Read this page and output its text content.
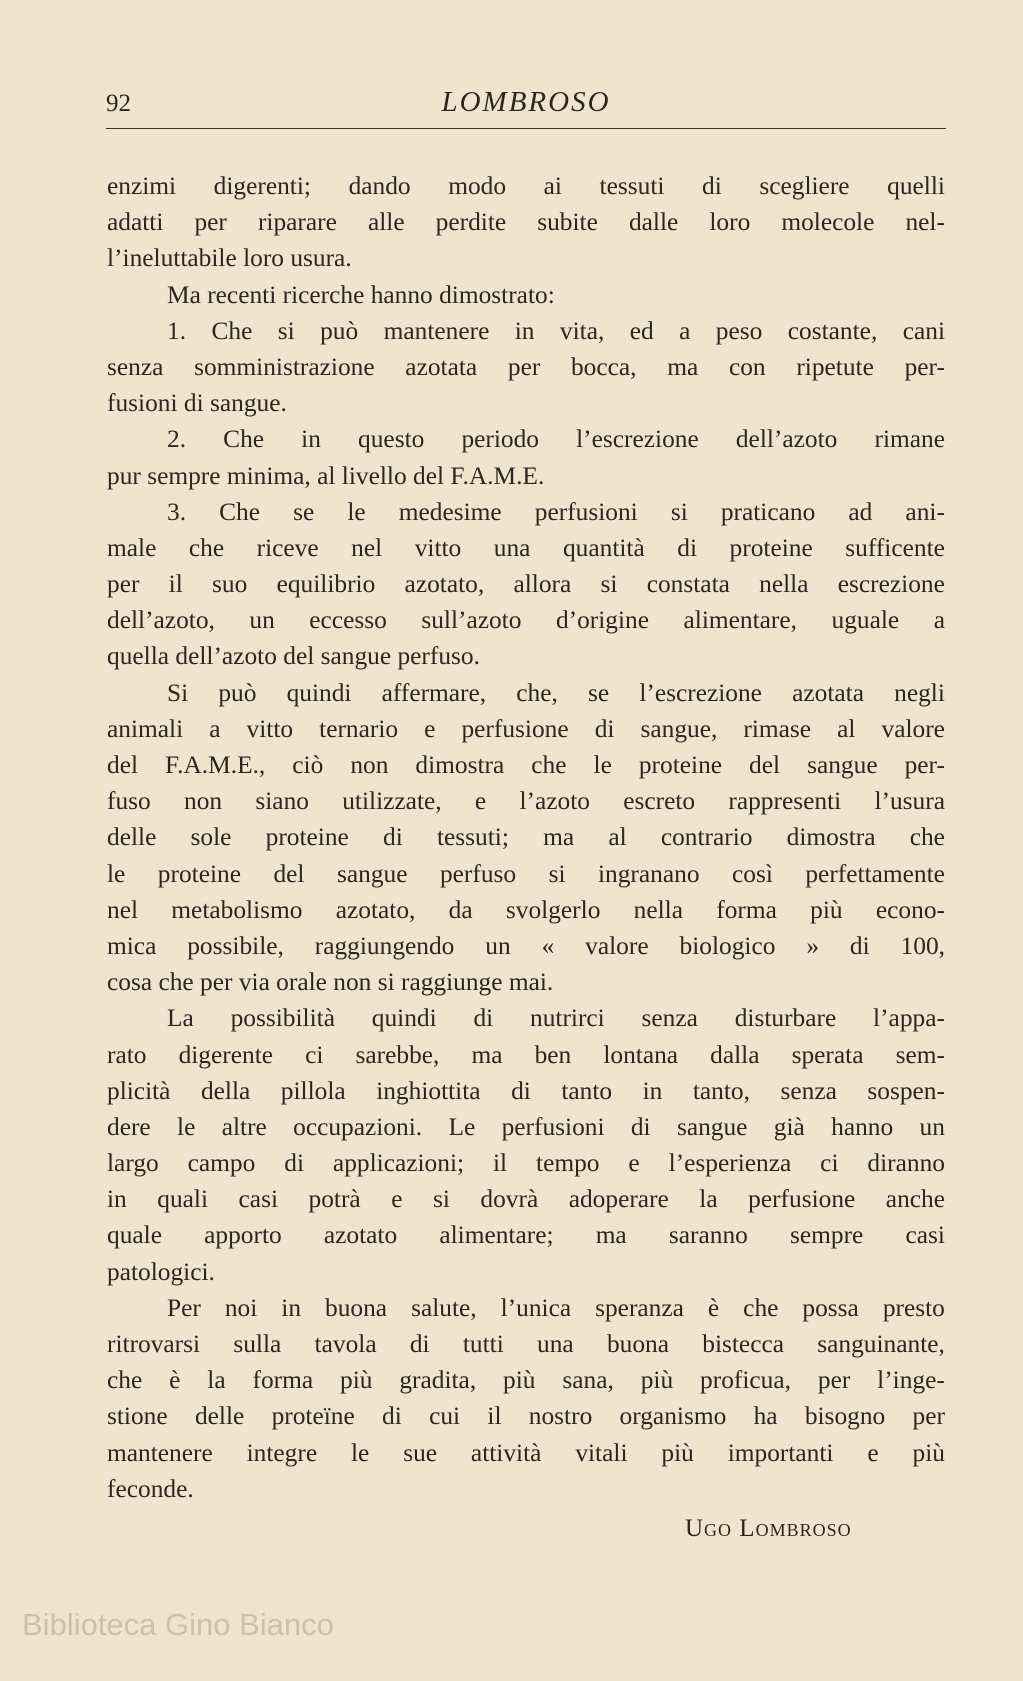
92	LOMBROSO
enzimi digerenti; dando modo ai tessuti di scegliere quelli
adatti per riparare alle perdite subite dalle loro molecole nel-
l’ineluttabile loro usura.
Ma recenti ricerche hanno dimostrato:
1. Che si può mantenere in vita, ed a peso costante, cani
senza somministrazione azotata per bocca, ma con ripetute per-
fusioni di sangue.
2. Che in questo periodo l’escrezione dell’azoto rimane
pur sempre minima, al livello del F.A.M.E.
3. Che se le medesime perfusioni si praticano ad ani-
male che riceve nel vitto una quantità di proteine sufficente
per il suo equilibrio azotato, allora si constata nella escrezione
dell’azoto, un eccesso sull’azoto d’origine alimentare, uguale a
quella dell’azoto del sangue perfuso.
Si può quindi affermare, che, se l’escrezione azotata negli
animali a vitto ternario e perfusione di sangue, rimase al valore
del F.A.M.E., ciò non dimostra che le proteine del sangue per-
fuso non siano utilizzate, e l’azoto escreto rappresenti l’usura
delle sole proteine di tessuti; ma al contrario dimostra che
le proteine del sangue perfuso si ingranano così perfettamente
nel metabolismo azotato, da svolgerlo nella forma più econo-
mica possibile, raggiungendo un « valore biologico » di 100,
cosa che per via orale non si raggiunge mai.
La possibilità quindi di nutrirci senza disturbare l’appa-
rato digerente ci sarebbe, ma ben lontana dalla sperata sem-
plicità della pillola inghiottita di tanto in tanto, senza sospen-
dere le altre occupazioni. Le perfusioni di sangue già hanno un
largo campo di applicazioni; il tempo e l’esperienza ci diranno
in quali casi potrà e si dovrà adoperare la perfusione anche
quale apporto azotato alimentare; ma saranno sempre casi
patologici.
Per noi in buona salute, l’unica speranza è che possa presto
ritrovarsi sulla tavola di tutti una buona bistecca sanguinante,
che è la forma più gradita, più sana, più proficua, per l’inge-
stione delle proteïne di cui il nostro organismo ha bisogno per
mantenere integre le sue attività vitali più importanti e più
feconde.
Ugo Lombroso
Biblioteca Gino Bianco
